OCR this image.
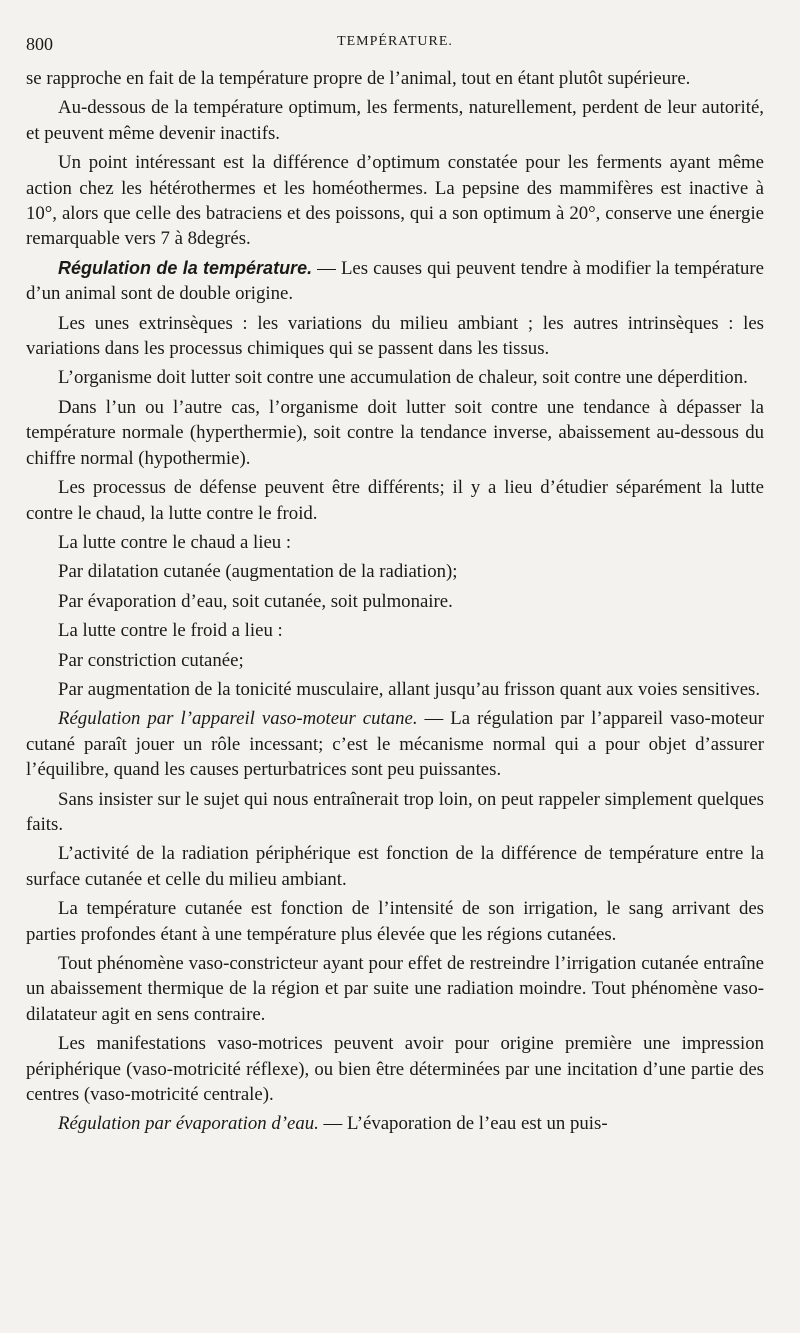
800	TEMPÉRATURE.

se rapproche en fait de la température propre de l’animal, tout en étant plutôt supérieure.

Au-dessous de la température optimum, les ferments, naturellement, perdent de leur autorité, et peuvent même devenir inactifs.

Un point intéressant est la différence d’optimum constatée pour les ferments ayant même action chez les hétérothermes et les homéothermes. La pepsine des mammifères est inactive à 10°, alors que celle des batraciens et des poissons, qui a son optimum à 20°, conserve une énergie remarquable vers 7 à 8degrés.

Régulation de la température. — Les causes qui peuvent tendre à modifier la température d’un animal sont de double origine.

Les unes extrinsèques : les variations du milieu ambiant ; les autres intrinsèques : les variations dans les processus chimiques qui se passent dans les tissus.

L’organisme doit lutter soit contre une accumulation de chaleur, soit contre une déperdition.

Dans l’un ou l’autre cas, l’organisme doit lutter soit contre une tendance à dépasser la température normale (hyperthermie), soit contre la tendance inverse, abaissement au-dessous du chiffre normal (hypothermie).

Les processus de défense peuvent être différents; il y a lieu d’étudier séparément la lutte contre le chaud, la lutte contre le froid.

La lutte contre le chaud a lieu :

Par dilatation cutanée (augmentation de la radiation);

Par évaporation d’eau, soit cutanée, soit pulmonaire.

La lutte contre le froid a lieu :

Par constriction cutanée;

Par augmentation de la tonicité musculaire, allant jusqu’au frisson quant aux voies sensitives.

Régulation par l’appareil vaso-moteur cutane. — La régulation par l’appareil vaso-moteur cutané paraît jouer un rôle incessant; c’est le mécanisme normal qui a pour objet d’assurer l’équilibre, quand les causes perturbatrices sont peu puissantes.

Sans insister sur le sujet qui nous entraînerait trop loin, on peut rappeler simplement quelques faits.

L’activité de la radiation périphérique est fonction de la différence de température entre la surface cutanée et celle du milieu ambiant.

La température cutanée est fonction de l’intensité de son irrigation, le sang arrivant des parties profondes étant à une température plus élevée que les régions cutanées.

Tout phénomène vaso-constricteur ayant pour effet de restreindre l’irrigation cutanée entraîne un abaissement thermique de la région et par suite une radiation moindre. Tout phénomène vaso-dilatateur agit en sens contraire.

Les manifestations vaso-motrices peuvent avoir pour origine première une impression périphérique (vaso-motricité réflexe), ou bien être déterminées par une incitation d’une partie des centres (vaso-motricité centrale).

Régulation par évaporation d’eau. — L’évaporation de l’eau est un puis-
